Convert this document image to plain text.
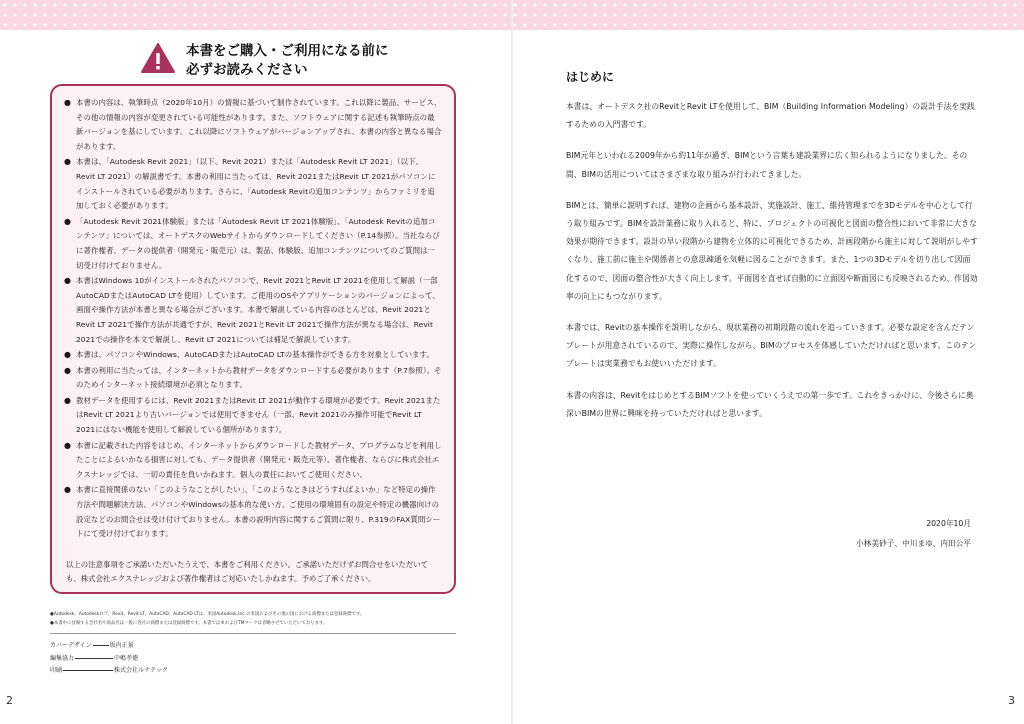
本書をご購入・ご利用になる前に
必ずお読みください
● 本書の内容は、執筆時点（2020年10月）の情報に基づいて制作されています。これ以降に製品、サービス、その他の情報の内容が変更されている可能性があります。また、ソフトウェアに関する記述も執筆時点の最新バージョンを基にしています。これ以降にソフトウェアがバージョンアップされ、本書の内容と異なる場合があります。
● 本書は、「Autodesk Revit 2021」（以下、Revit 2021）または「Autodesk Revit LT 2021」（以下、Revit LT 2021）の解説書です。本書の利用に当たっては、Revit 2021またはRevit LT 2021がパソコンにインストールされている必要があります。さらに、「Autodesk Revitの追加コンテンツ」からファミリを追加しておく必要があります。
● 「Autodesk Revit 2021体験版」または「Autodesk Revit LT 2021体験版」、「Autodesk Revitの追加コンテンツ」については、オートデスクのWebサイトからダウンロードしてください（P.14参照）。当社ならびに著作権者、データの提供者（開発元・販売元）は、製品、体験版、追加コンテンツについてのご質問は一切受け付けておりません。
● 本書はWindows 10がインストールされたパソコンで、Revit 2021とRevit LT 2021を使用して解説（一部AutoCADまたはAutoCAD LTを使用）しています。ご使用のOSやアプリケーションのバージョンによって、画面や操作方法が本書と異なる場合がございます。本書で解説している内容のほとんどは、Revit 2021とRevit LT 2021で操作方法が共通ですが、Revit 2021とRevit LT 2021で操作方法が異なる場合は、Revit 2021での操作を本文で解説し、Revit LT 2021については補足で解説しています。
● 本書は、パソコンやWindows、AutoCADまたはAutoCAD LTの基本操作ができる方を対象としています。
● 本書の利用に当たっては、インターネットから教材データをダウンロードする必要があります（P.7参照）。そのためインターネット接続環境が必須となります。
● 教材データを使用するには、Revit 2021またはRevit LT 2021が動作する環境が必要です。Revit 2021またはRevit LT 2021より古いバージョンでは使用できません（一部、Revit 2021のみ操作可能でRevit LT 2021にはない機能を使用して解説している個所があります）。
● 本書に記載された内容をはじめ、インターネットからダウンロードした教材データ、プログラムなどを利用したことによるいかなる損害に対しても、データ提供者（開発元・販売元等）、著作権者、ならびに株式会社エクスナレッジでは、一切の責任を負いかねます。個人の責任においてご使用ください。
● 本書に直接関係のない「このようなことがしたい」、「このようなときはどうすればよいか」など特定の操作方法や問題解決方法、パソコンやWindowsの基本的な使い方、ご使用の環境固有の設定や特定の機器向けの設定などのお問合せは受け付けておりません。本書の説明内容に関するご質問に限り、P.319のFAX質問シートにて受け付けております。
以上の注意事項をご承諾いただいたうえで、本書をご利用ください。ご承諾いただけずお問合せをいただいても、株式会社エクスナレッジおよび著作権者はご対応いたしかねます。予めご了承ください。
●Autodesk、Autodeskロゴ、Revit、Revit LT、AutoCAD、AutoCAD LTは、米国Autodesk,Inc.の米国およびその他の国における商標または登録商標です。
●本書中に登場する会社名や商品名は一般に各社の商標または登録商標です。本書では®およびTMマークは省略させていただいております。
カバーデザイン	坂内正景
編集協力	中嶋孝徳
印刷	株式会社ルナテック
2
はじめに

本書は、オートデスク社のRevitとRevit LTを使用して、BIM（Building Information Modeling）の設計手法を実践するための入門書です。

BIM元年といわれる2009年から約11年が過ぎ、BIMという言葉も建設業界に広く知られるようになりました。その間、BIMの活用についてはさまざまな取り組みが行われてきました。

BIMとは、簡単に説明すれば、建物の企画から基本設計、実施設計、施工、維持管理までを3Dモデルを中心として行う取り組みです。BIMを設計業務に取り入れると、特に、プロジェクトの可視化と図面の整合性において非常に大きな効果が期待できます。設計の早い段階から建物を立体的に可視化できるため、計画段階から施主に対して説明がしやすくなり、施工前に施主や関係者との意思疎通を気軽に図ることができます。また、1つの3Dモデルを切り出して図面化するので、図面の整合性が大きく向上します。平面図を直せば自動的に立面図や断面図にも反映されるため、作図効率の向上にもつながります。

本書では、Revitの基本操作を説明しながら、現状業務の初期段階の流れを追っていきます。必要な設定を含んだテンプレートが用意されているので、実際に操作しながら、BIMのプロセスを体感していただければと思います。このテンプレートは実業務でもお使いいただけます。

本書の内容は、RevitをはじめとするBIMソフトを使っていくうえでの第一歩です。これをきっかけに、今後さらに奥深いBIMの世界に興味を持っていただければと思います。

2020年10月
小林美砂子、中川まゆ、内田公平
3
